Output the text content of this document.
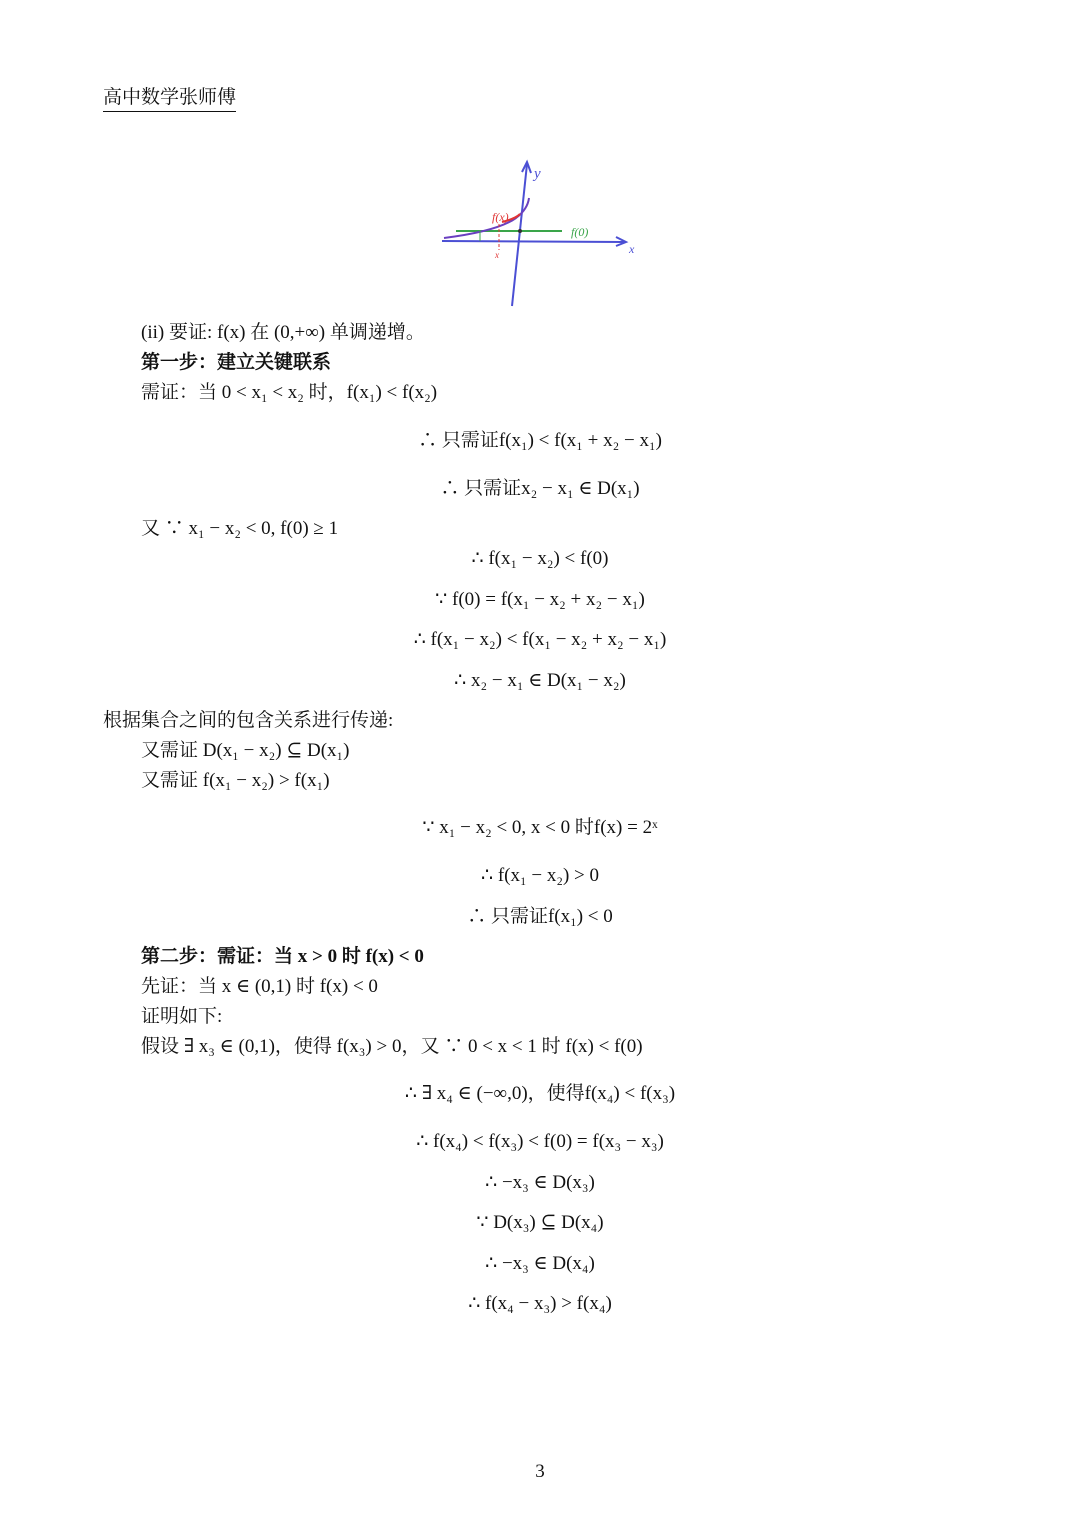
高中数学张师傅
y
x
f(x)
f(0)
x
(ii) 要证: f(x) 在 (0,+∞) 单调递增。
第一步：建立关键联系
需证：当 0 < x₁ < x₂ 时，f(x₁) < f(x₂)
∴ 只需证f(x₁) < f(x₁ + x₂ − x₁)
∴ 只需证x₂ − x₁ ∈ D(x₁)
又 ∵ x₁ − x₂ < 0, f(0) ≥ 1
∴ f(x₁ − x₂) < f(0)
∵ f(0) = f(x₁ − x₂ + x₂ − x₁)
∴ f(x₁ − x₂) < f(x₁ − x₂ + x₂ − x₁)
∴ x₂ − x₁ ∈ D(x₁ − x₂)
根据集合之间的包含关系进行传递:
又需证 D(x₁ − x₂) ⊆ D(x₁)
又需证 f(x₁ − x₂) > f(x₁)
∵ x₁ − x₂ < 0, x < 0 时f(x) = 2ˣ
∴ f(x₁ − x₂) > 0
∴ 只需证f(x₁) < 0
第二步：需证：当 x > 0 时 f(x) < 0
先证：当 x ∈ (0,1) 时 f(x) < 0
证明如下:
假设 ∃ x₃ ∈ (0,1)，使得 f(x₃) > 0，又 ∵ 0 < x < 1 时 f(x) < f(0)
∴ ∃ x₄ ∈ (−∞,0)，使得f(x₄) < f(x₃)
∴ f(x₄) < f(x₃) < f(0) = f(x₃ − x₃)
∴ −x₃ ∈ D(x₃)
∵ D(x₃) ⊆ D(x₄)
∴ −x₃ ∈ D(x₄)
∴ f(x₄ − x₃) > f(x₄)
3
